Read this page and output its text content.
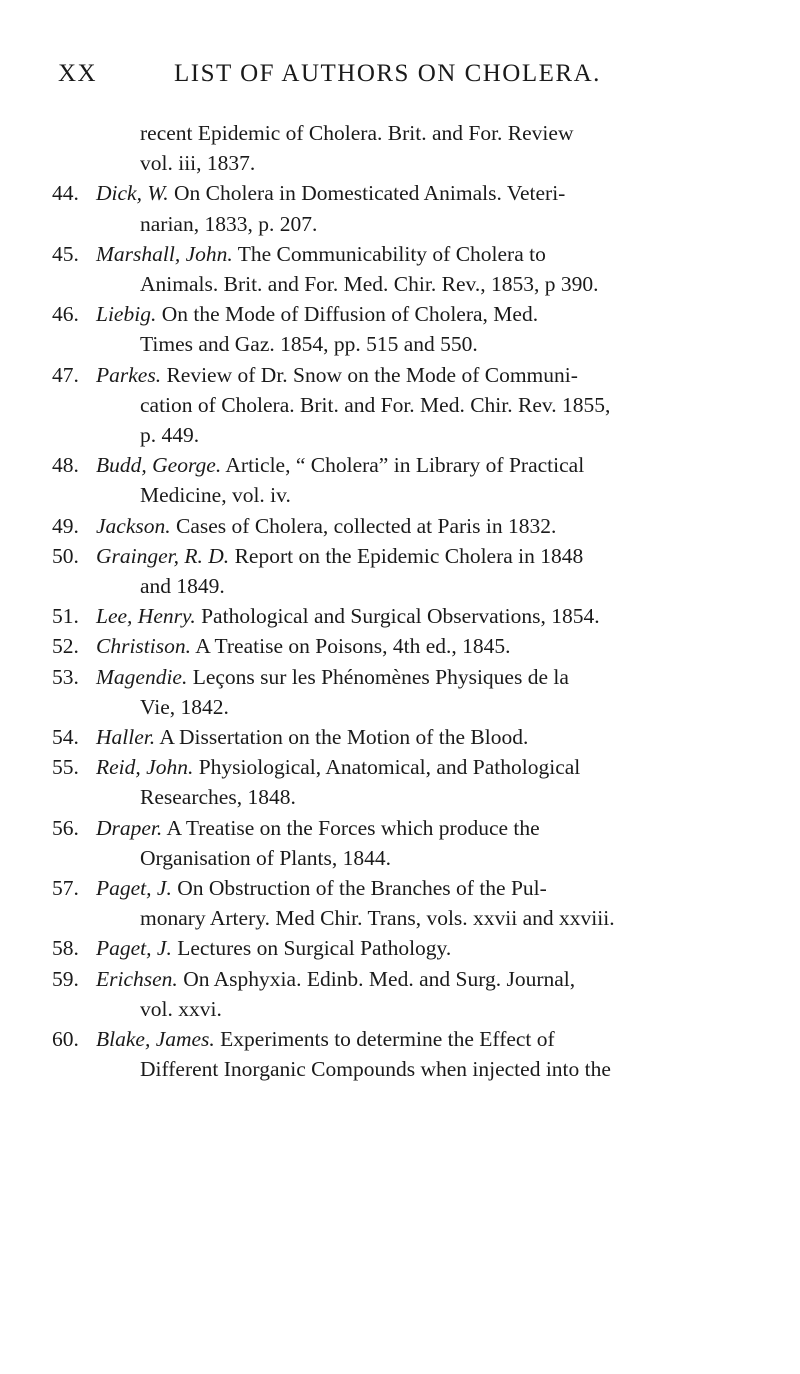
XX	LIST OF AUTHORS ON CHOLERA.
recent Epidemic of Cholera. Brit. and For. Review
vol. iii, 1837.
44. Dick, W. On Cholera in Domesticated Animals. Veteri-
narian, 1833, p. 207.
45. Marshall, John. The Communicability of Cholera to
Animals. Brit. and For. Med. Chir. Rev., 1853, p 390.
46. Liebig. On the Mode of Diffusion of Cholera, Med.
Times and Gaz. 1854, pp. 515 and 550.
47. Parkes. Review of Dr. Snow on the Mode of Communi-
cation of Cholera. Brit. and For. Med. Chir. Rev. 1855,
p. 449.
48. Budd, George. Article, “ Cholera” in Library of Practical
Medicine, vol. iv.
49. Jackson. Cases of Cholera, collected at Paris in 1832.
50. Grainger, R. D. Report on the Epidemic Cholera in 1848
and 1849.
51. Lee, Henry. Pathological and Surgical Observations, 1854.
52. Christison. A Treatise on Poisons, 4th ed., 1845.
53. Magendie. Leçons sur les Phénomènes Physiques de la
Vie, 1842.
54. Haller. A Dissertation on the Motion of the Blood.
55. Reid, John. Physiological, Anatomical, and Pathological
Researches, 1848.
56. Draper. A Treatise on the Forces which produce the
Organisation of Plants, 1844.
57. Paget, J. On Obstruction of the Branches of the Pul-
monary Artery. Med Chir. Trans, vols. xxvii and xxviii.
58. Paget, J. Lectures on Surgical Pathology.
59. Erichsen. On Asphyxia. Edinb. Med. and Surg. Journal,
vol. xxvi.
60. Blake, James. Experiments to determine the Effect of
Different Inorganic Compounds when injected into the
